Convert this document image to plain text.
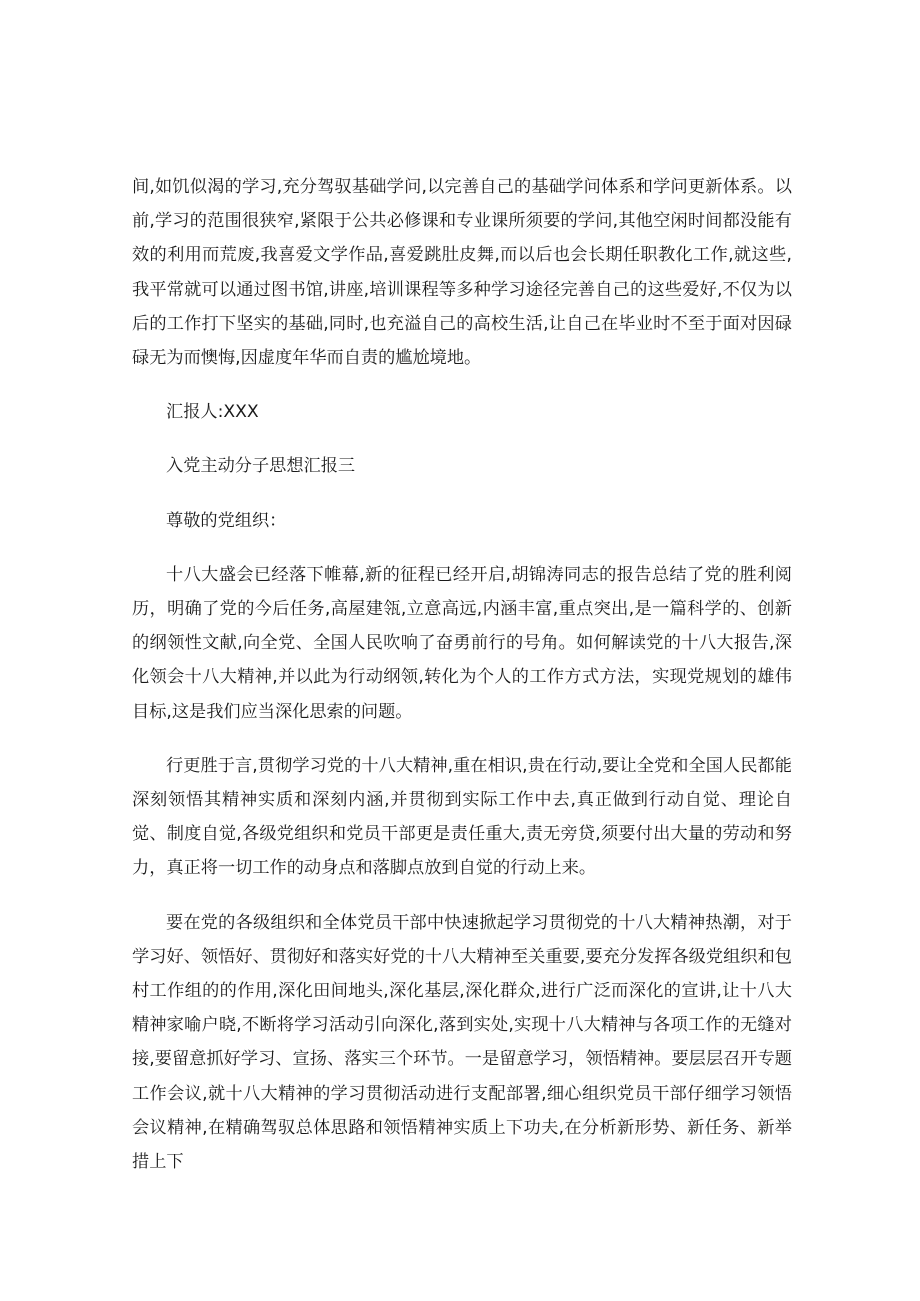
间,如饥似渴的学习,充分驾驭基础学问,以完善自己的基础学问体系和学问更新体系。以前,学习的范围很狭窄,紧限于公共必修课和专业课所须要的学问,其他空闲时间都没能有效的利用而荒废,我喜爱文学作品,喜爱跳肚皮舞,而以后也会长期任职教化工作,就这些,我平常就可以通过图书馆,讲座,培训课程等多种学习途径完善自己的这些爱好,不仅为以后的工作打下坚实的基础,同时,也充溢自己的高校生活,让自己在毕业时不至于面对因碌碌无为而懊悔,因虚度年华而自责的尴尬境地。

汇报人:XXX

入党主动分子思想汇报三

尊敬的党组织：

十八大盛会已经落下帷幕,新的征程已经开启,胡锦涛同志的报告总结了党的胜利阅历，明确了党的今后任务,高屋建瓴,立意高远,内涵丰富,重点突出,是一篇科学的、创新的纲领性文献,向全党、全国人民吹响了奋勇前行的号角。如何解读党的十八大报告,深化领会十八大精神,并以此为行动纲领,转化为个人的工作方式方法，实现党规划的雄伟目标,这是我们应当深化思索的问题。

行更胜于言,贯彻学习党的十八大精神,重在相识,贵在行动,要让全党和全国人民都能深刻领悟其精神实质和深刻内涵,并贯彻到实际工作中去,真正做到行动自觉、理论自觉、制度自觉,各级党组织和党员干部更是责任重大,责无旁贷,须要付出大量的劳动和努力，真正将一切工作的动身点和落脚点放到自觉的行动上来。

要在党的各级组织和全体党员干部中快速掀起学习贯彻党的十八大精神热潮，对于学习好、领悟好、贯彻好和落实好党的十八大精神至关重要,要充分发挥各级党组织和包村工作组的的作用,深化田间地头,深化基层,深化群众,进行广泛而深化的宣讲,让十八大精神家喻户晓,不断将学习活动引向深化,落到实处,实现十八大精神与各项工作的无缝对接,要留意抓好学习、宣扬、落实三个环节。一是留意学习，领悟精神。要层层召开专题工作会议,就十八大精神的学习贯彻活动进行支配部署,细心组织党员干部仔细学习领悟会议精神,在精确驾驭总体思路和领悟精神实质上下功夫,在分析新形势、新任务、新举措上下
